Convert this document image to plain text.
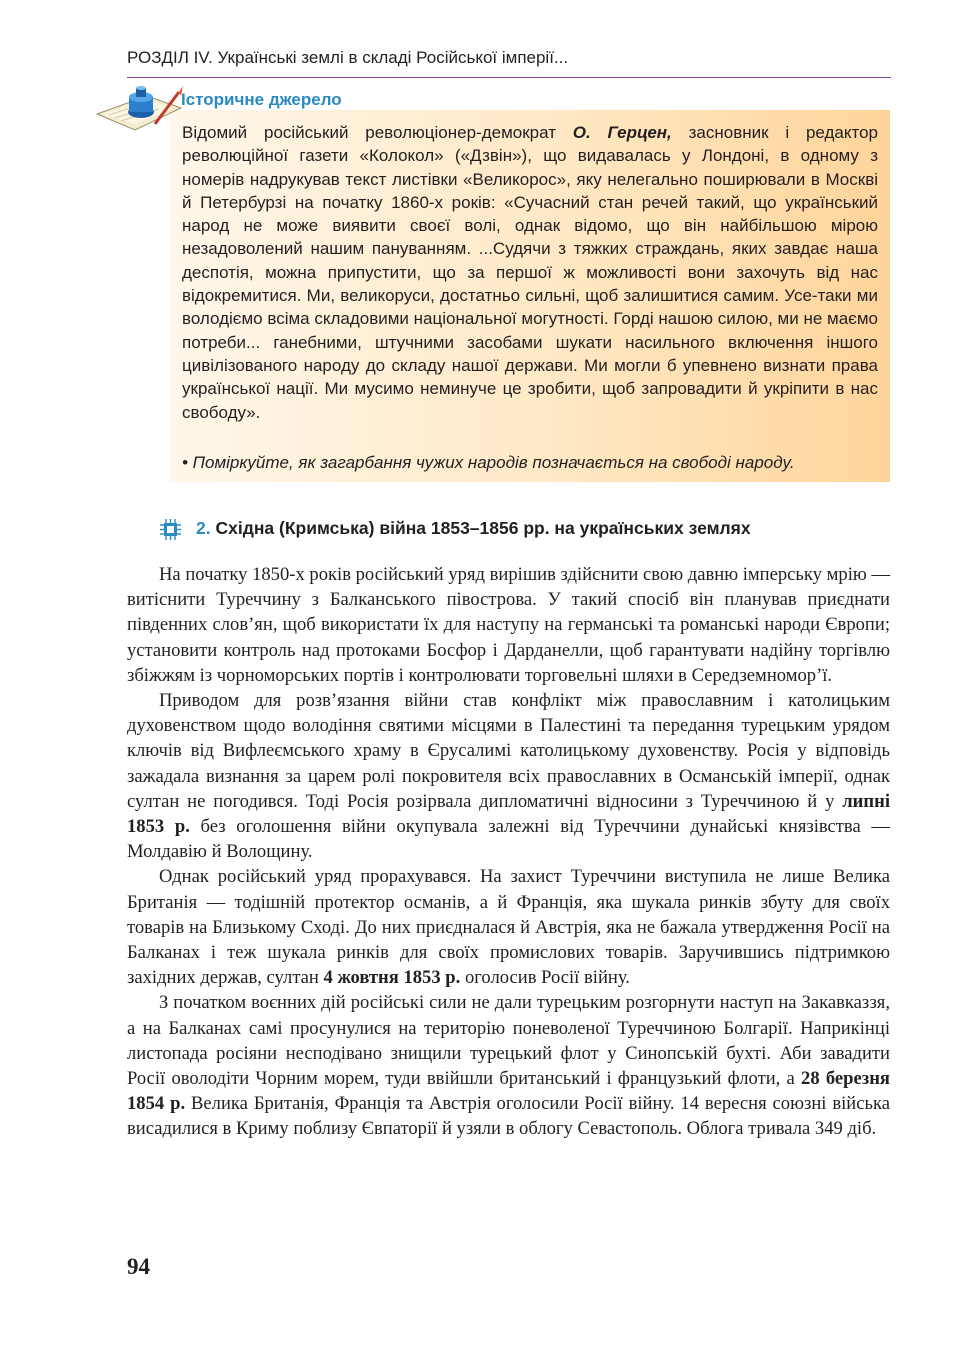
РОЗДІЛ IV. Українські землі в складі Російської імперії...
Історичне джерело

Відомий російський революціонер-демократ О. Герцен, засновник і редактор революційної газети «Колокол» («Дзвін»), що видавалась у Лондоні, в одному з номерів надрукував текст листівки «Великорос», яку нелегально поширювали в Москві й Петербурзі на початку 1860-х років: «Сучасний стан речей такий, що український народ не може виявити своєї волі, однак відомо, що він найбільшою мірою незадоволений нашим пануванням. ...Судячи з тяжких страждань, яких завдає наша деспотія, можна припустити, що за першої ж можливості вони захочуть від нас відокремитися. Ми, великоруси, достатньо сильні, щоб залишитися самим. Усе-таки ми володіємо всіма складовими національної могутності. Горді нашою силою, ми не маємо потреби... ганебними, штучними засобами шукати насильного включення іншого цивілізованого народу до складу нашої держави. Ми могли б упевнено визнати права української нації. Ми мусимо неминуче це зробити, щоб запровадити й укріпити в нас свободу».

• Поміркуйте, як загарбання чужих народів позначається на свободі народу.
2. Східна (Кримська) війна 1853–1856 рр. на українських землях

На початку 1850-х років російський уряд вирішив здійснити свою давню імперську мрію — витіснити Туреччину з Балканського півострова. У такий спосіб він планував приєднати південних слов’ян, щоб використати їх для наступу на германські та романські народи Європи; установити контроль над протоками Босфор і Дарданелли, щоб гарантувати надійну торгівлю збіжжям із чорноморських портів і контролювати торговельні шляхи в Середземномор’ї.

Приводом для розв’язання війни став конфлікт між православним і католицьким духовенством щодо володіння святими місцями в Палестині та передання турецьким урядом ключів від Вифлеємського храму в Єрусалимі католицькому духовенству. Росія у відповідь зажадала визнання за царем ролі покровителя всіх православних в Османській імперії, однак султан не погодився. Тоді Росія розірвала дипломатичні відносини з Туреччиною й у липні 1853 р. без оголошення війни окупувала залежні від Туреччини дунайські князівства — Молдавію й Волощину.

Однак російський уряд прорахувався. На захист Туреччини виступила не лише Велика Британія — тодішній протектор османів, а й Франція, яка шукала ринків збуту для своїх товарів на Близькому Сході. До них приєдналася й Австрія, яка не бажала утвердження Росії на Балканах і теж шукала ринків для своїх промислових товарів. Заручившись підтримкою західних держав, султан 4 жовтня 1853 р. оголосив Росії війну.

З початком воєнних дій російські сили не дали турецьким розгорнути наступ на Закавказзя, а на Балканах самі просунулися на територію поневоленої Туреччиною Болгарії. Наприкінці листопада росіяни несподівано знищили турецький флот у Синопській бухті. Аби завадити Росії оволодіти Чорним морем, туди ввійшли британський і французький флоти, а 28 березня 1854 р. Велика Британія, Франція та Австрія оголосили Росії війну. 14 вересня союзні війська висадилися в Криму поблизу Євпаторії й узяли в облогу Севастополь. Облога тривала 349 діб.

94
